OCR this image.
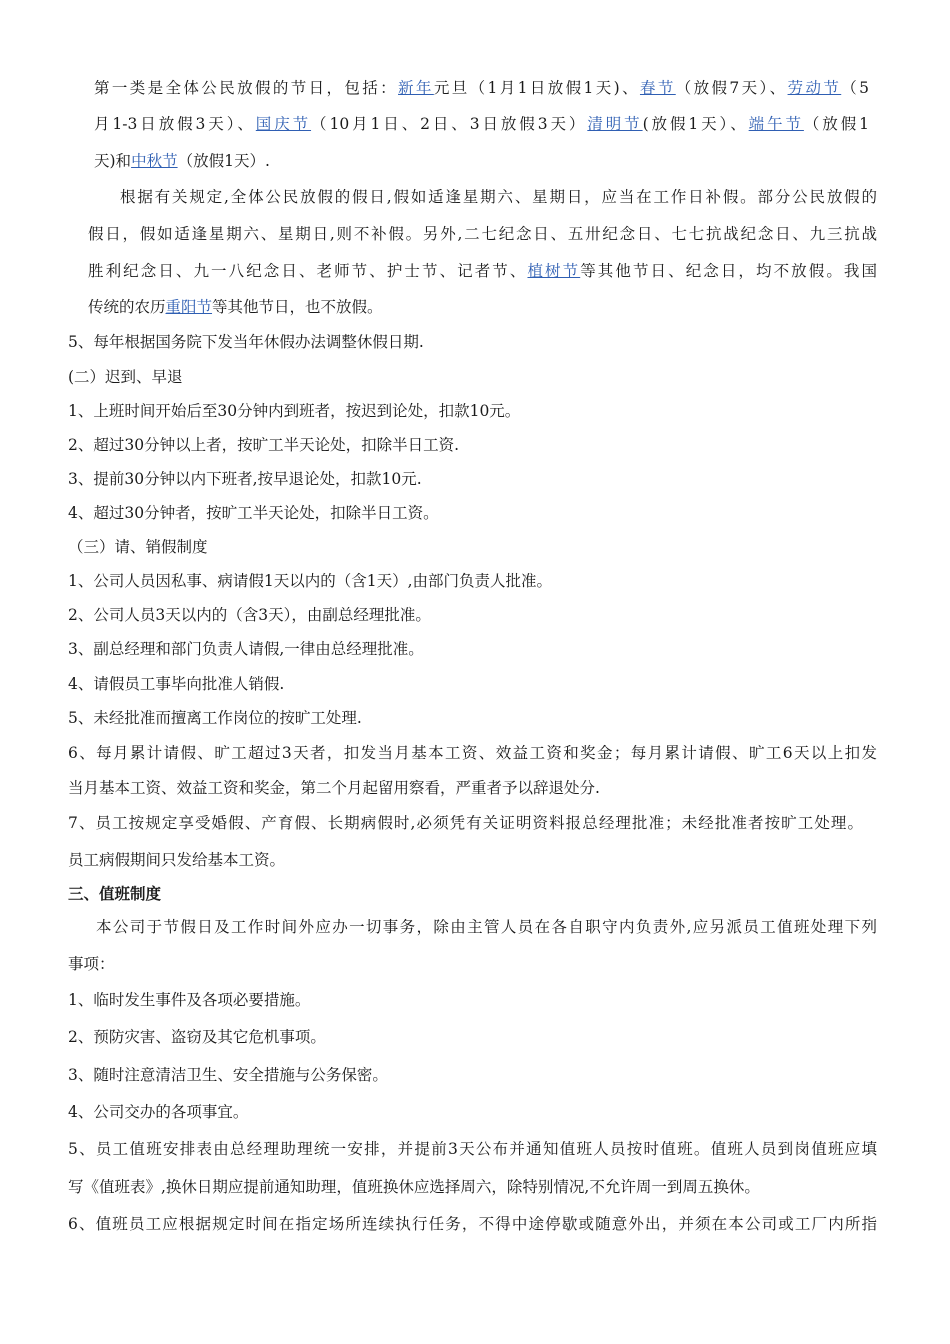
第一类是全体公民放假的节日，包括：新年元旦（1月1日放假1天)、春节（放假7天）、劳动节（5
月1-3日放假3天）、国庆节（10月1日、2日、3日放假3天）清明节(放假1天）、端午节（放假1
天)和中秋节（放假1天）.
根据有关规定,全体公民放假的假日,假如适逢星期六、星期日，应当在工作日补假。部分公民放假的
假日，假如适逢星期六、星期日,则不补假。另外,二七纪念日、五卅纪念日、七七抗战纪念日、九三抗战
胜利纪念日、九一八纪念日、老师节、护士节、记者节、植树节等其他节日、纪念日，均不放假。我国
传统的农历重阳节等其他节日，也不放假。
5、每年根据国务院下发当年休假办法调整休假日期.
(二）迟到、早退
1、上班时间开始后至30分钟内到班者，按迟到论处，扣款10元。
2、超过30分钟以上者，按旷工半天论处，扣除半日工资.
3、提前30分钟以内下班者,按早退论处，扣款10元.
4、超过30分钟者，按旷工半天论处，扣除半日工资。
（三）请、销假制度
1、公司人员因私事、病请假1天以内的（含1天）,由部门负责人批准。
2、公司人员3天以内的（含3天），由副总经理批准。
3、副总经理和部门负责人请假,一律由总经理批准。
4、请假员工事毕向批准人销假.
5、未经批准而擅离工作岗位的按旷工处理.
6、每月累计请假、旷工超过3天者，扣发当月基本工资、效益工资和奖金；每月累计请假、旷工6天以上扣发
当月基本工资、效益工资和奖金，第二个月起留用察看，严重者予以辞退处分.
7、员工按规定享受婚假、产育假、长期病假时,必须凭有关证明资料报总经理批准；未经批准者按旷工处理。
员工病假期间只发给基本工资。
三、值班制度
本公司于节假日及工作时间外应办一切事务，除由主管人员在各自职守内负责外,应另派员工值班处理下列
事项：
1、临时发生事件及各项必要措施。
2、预防灾害、盗窃及其它危机事项。
3、随时注意清洁卫生、安全措施与公务保密。
4、公司交办的各项事宜。
5、员工值班安排表由总经理助理统一安排，并提前3天公布并通知值班人员按时值班。值班人员到岗值班应填
写《值班表》,换休日期应提前通知助理，值班换休应选择周六，除特别情况,不允许周一到周五换休。
6、值班员工应根据规定时间在指定场所连续执行任务，不得中途停歇或随意外出，并须在本公司或工厂内所指
